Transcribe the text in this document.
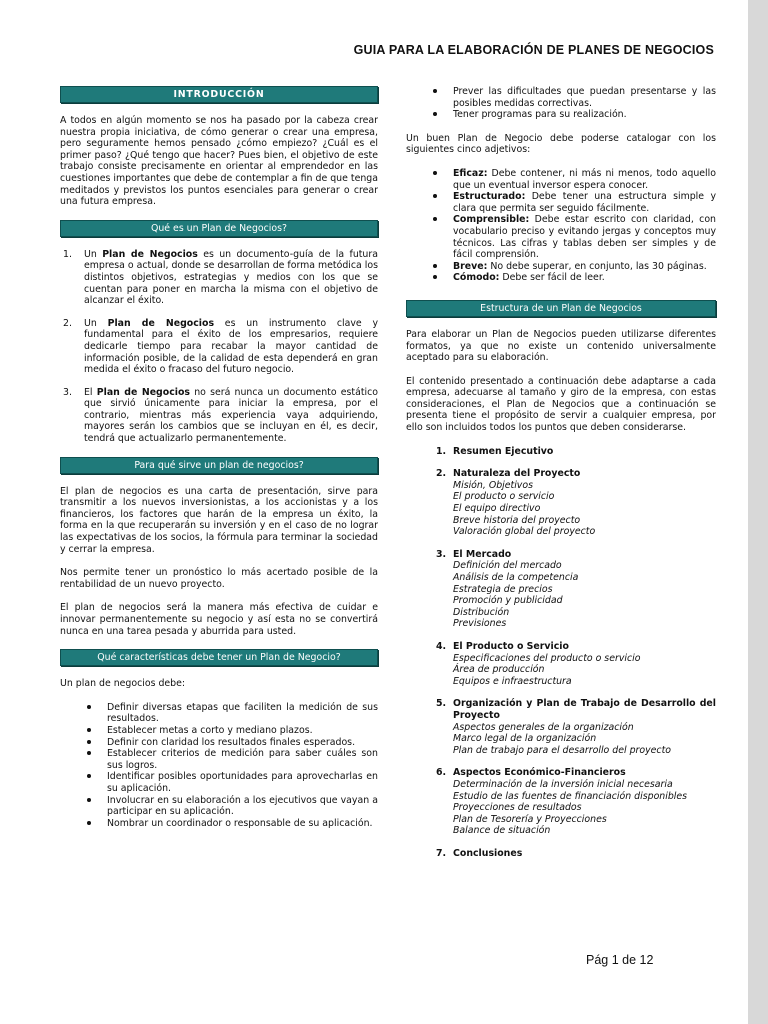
GUIA PARA LA ELABORACIÓN DE PLANES DE NEGOCIOS
INTRODUCCIÓN

A todos en algún momento se nos ha pasado por la cabeza crear nuestra propia iniciativa, de cómo generar o crear una empresa, pero seguramente hemos pensado ¿cómo empiezo? ¿Cuál es el primer paso? ¿Qué tengo que hacer? Pues bien, el objetivo de este trabajo consiste precisamente en orientar al emprendedor en las cuestiones importantes que debe de contemplar a fin de que tenga meditados y previstos los puntos esenciales para generar o crear una futura empresa.

Qué es un Plan de Negocios?
1. Un Plan de Negocios es un documento-guía de la futura empresa o actual, donde se desarrollan de forma metódica los distintos objetivos, estrategias y medios con los que se cuentan para poner en marcha la misma con el objetivo de alcanzar el éxito.
2. Un Plan de Negocios es un instrumento clave y fundamental para el éxito de los empresarios, requiere dedicarle tiempo para recabar la mayor cantidad de información posible, de la calidad de esta dependerá en gran medida el éxito o fracaso del futuro negocio.
3. El Plan de Negocios no será nunca un documento estático que sirvió únicamente para iniciar la empresa, por el contrario, mientras más experiencia vaya adquiriendo, mayores serán los cambios que se incluyan en él, es decir, tendrá que actualizarlo permanentemente.
Para qué sirve un plan de negocios?

El plan de negocios es una carta de presentación, sirve para transmitir a los nuevos inversionistas, a los accionistas y a los financieros, los factores que harán de la empresa un éxito, la forma en la que recuperarán su inversión y en el caso de no lograr las expectativas de los socios, la fórmula para terminar la sociedad y cerrar la empresa.

Nos permite tener un pronóstico lo más acertado posible de la rentabilidad de un nuevo proyecto.

El plan de negocios será la manera más efectiva de cuidar e innovar permanentemente su negocio y así esta no se convertirá nunca en una tarea pesada y aburrida para usted.

Qué características debe tener un Plan de Negocio?

Un plan de negocios debe:

Definir diversas etapas que faciliten la medición de sus resultados.
Establecer metas a corto y mediano plazos.
Definir con claridad los resultados finales esperados.
Establecer criterios de medición para saber cuáles son sus logros.
Identificar posibles oportunidades para aprovecharlas en su aplicación.
Involucrar en su elaboración a los ejecutivos que vayan a participar en su aplicación.
Nombrar un coordinador o responsable de su aplicación.
Prever las dificultades que puedan presentarse y las posibles medidas correctivas.
Tener programas para su realización.

Un buen Plan de Negocio debe poderse catalogar con los siguientes cinco adjetivos:

Eficaz: Debe contener, ni más ni menos, todo aquello que un eventual inversor espera conocer.
Estructurado: Debe tener una estructura simple y clara que permita ser seguido fácilmente.
Comprensible: Debe estar escrito con claridad, con vocabulario preciso y evitando jergas y conceptos muy técnicos. Las cifras y tablas deben ser simples y de fácil comprensión.
Breve: No debe superar, en conjunto, las 30 páginas.
Cómodo: Debe ser fácil de leer.
Estructura de un Plan de Negocios

Para elaborar un Plan de Negocios pueden utilizarse diferentes formatos, ya que no existe un contenido universalmente aceptado para su elaboración.

El contenido presentado a continuación debe adaptarse a cada empresa, adecuarse al tamaño y giro de la empresa, con estas consideraciones, el Plan de Negocios que a continuación se presenta tiene el propósito de servir a cualquier empresa, por ello son incluidos todos los puntos que deben considerarse.

1. Resumen Ejecutivo
2. Naturaleza del Proyecto
Misión, Objetivos
El producto o servicio
El equipo directivo
Breve historia del proyecto
Valoración global del proyecto
3. El Mercado
Definición del mercado
Análisis de la competencia
Estrategia de precios
Promoción y publicidad
Distribución
Previsiones
4. El Producto o Servicio
Especificaciones del producto o servicio
Área de producción
Equipos e infraestructura
5. Organización y Plan de Trabajo de Desarrollo del Proyecto
Aspectos generales de la organización
Marco legal de la organización
Plan de trabajo para el desarrollo del proyecto
6. Aspectos Económico-Financieros
Determinación de la inversión inicial necesaria
Estudio de las fuentes de financiación disponibles
Proyecciones de resultados
Plan de Tesorería y Proyecciones
Balance de situación
7. Conclusiones
Pág 1 de 12
